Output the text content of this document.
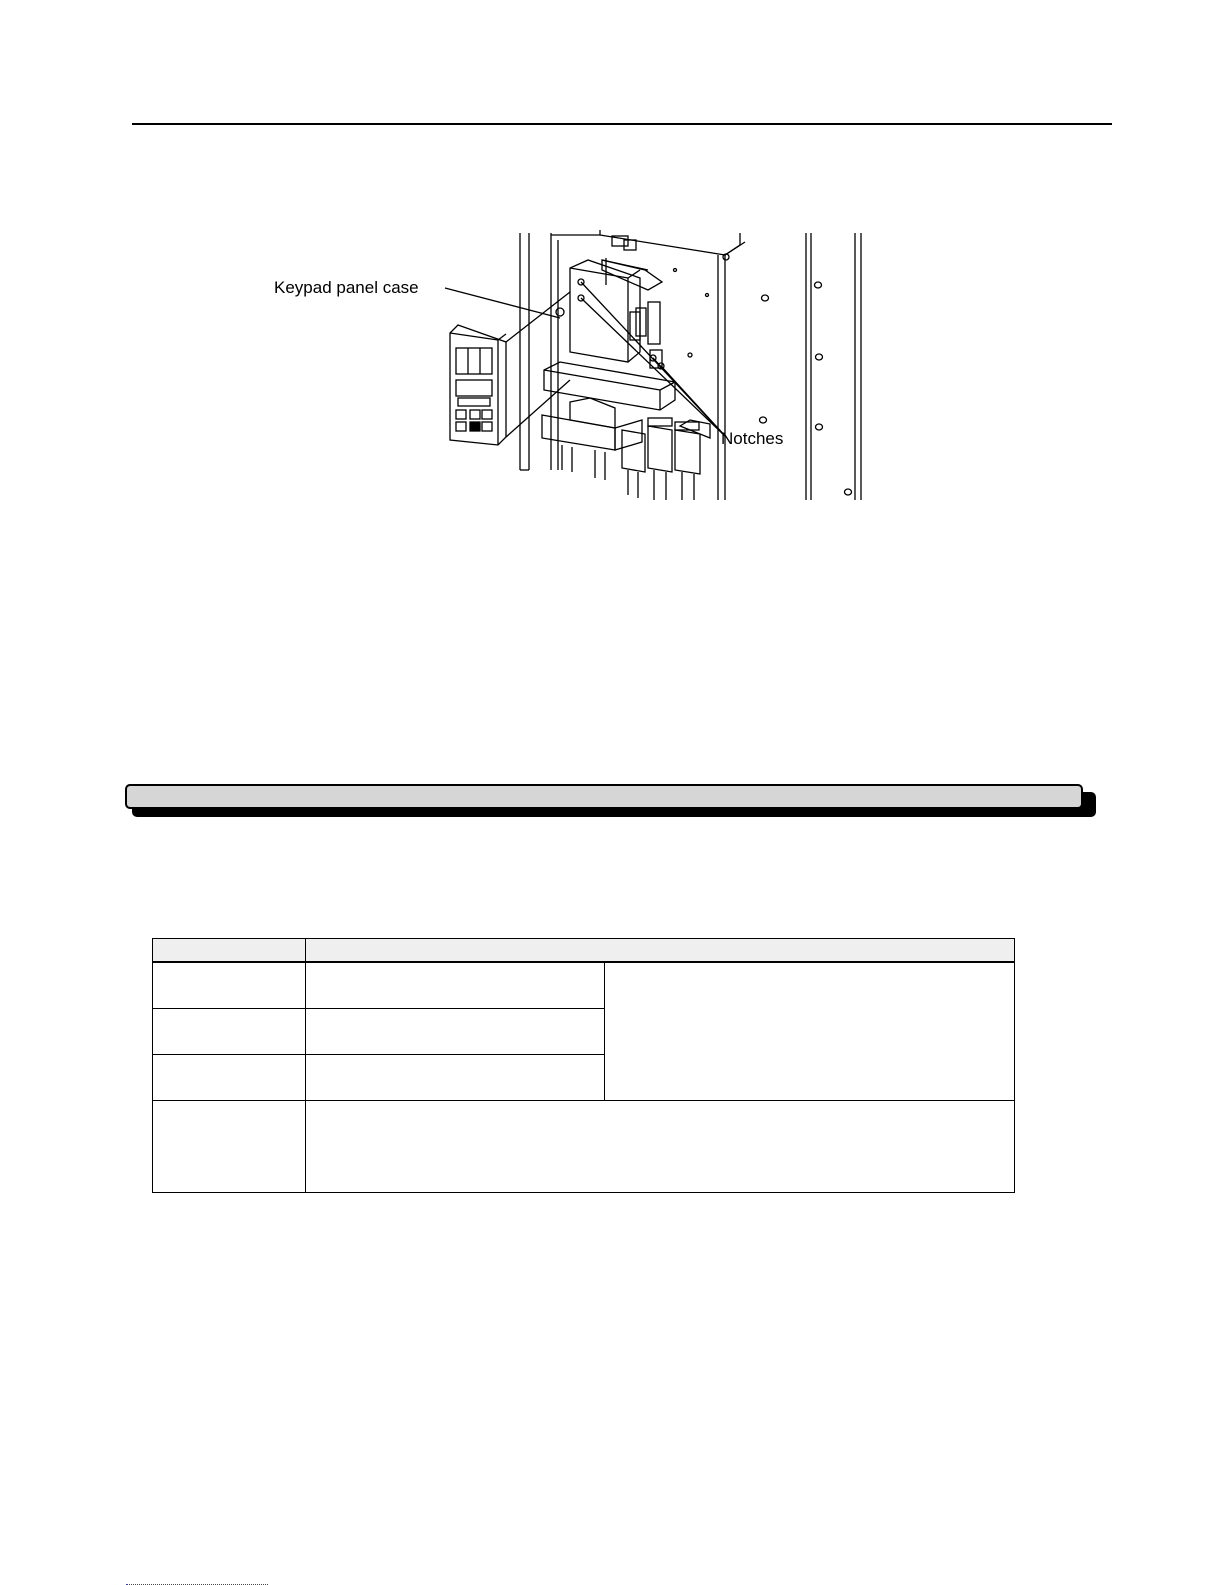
Keypad panel case
Notches
